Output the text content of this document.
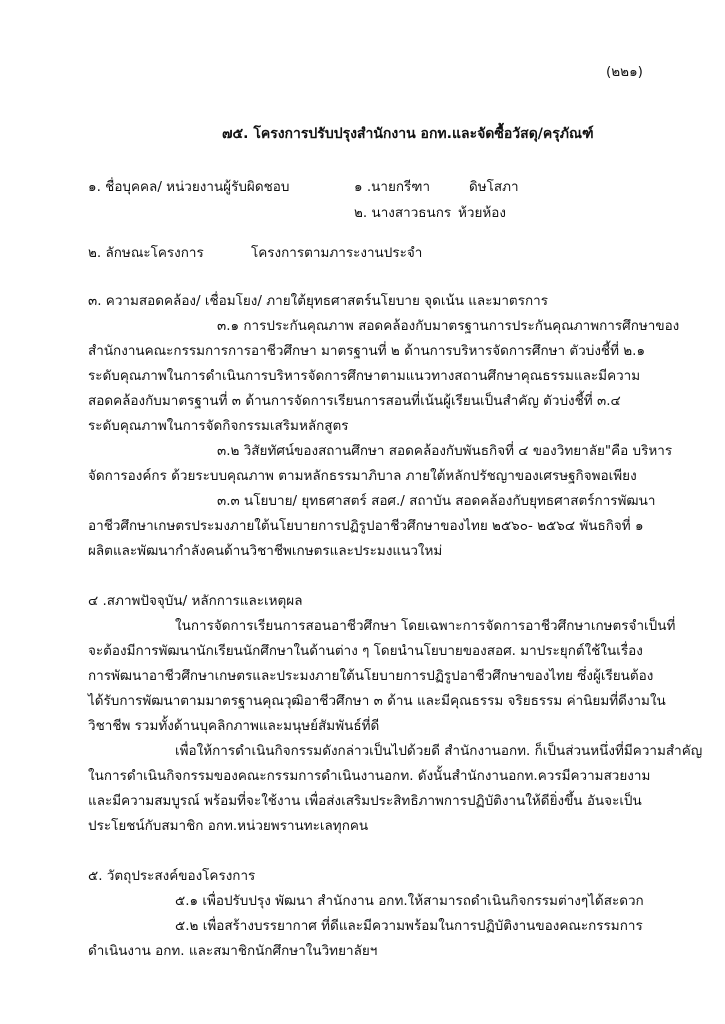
(๒๒๑)
๗๕. โครงการปรับปรุงสำนักงาน อกท.และจัดซื้อวัสดุ/ครุภัณฑ์
๑. ชื่อบุคคล/ หน่วยงานผู้รับผิดชอบ	๑ .นายกรีฑา	ดิษโสภา
๒. นางสาวธนกร ห้วยห้อง
๒. ลักษณะโครงการ	โครงการตามภาระงานประจำ
๓. ความสอดคล้อง/ เชื่อมโยง/ ภายใต้ยุทธศาสตร์นโยบาย จุดเน้น และมาตรการ
๓.๑ การประกันคุณภาพ สอดคล้องกับมาตรฐานการประกันคุณภาพการศึกษาของ
สำนักงานคณะกรรมการการอาชีวศึกษา มาตรฐานที่ ๒ ด้านการบริหารจัดการศึกษา ตัวบ่งชี้ที่ ๒.๑
ระดับคุณภาพในการดำเนินการบริหารจัดการศึกษาตามแนวทางสถานศึกษาคุณธรรมและมีความ
สอดคล้องกับมาตรฐานที่ ๓ ด้านการจัดการเรียนการสอนที่เน้นผู้เรียนเป็นสำคัญ ตัวบ่งชี้ที่ ๓.๔
ระดับคุณภาพในการจัดกิจกรรมเสริมหลักสูตร
๓.๒ วิสัยทัศน์ของสถานศึกษา สอดคล้องกับพันธกิจที่ ๔ ของวิทยาลัย"คือ บริหาร
จัดการองค์กร ด้วยระบบคุณภาพ ตามหลักธรรมาภิบาล ภายใต้หลักปรัชญาของเศรษฐกิจพอเพียง
๓.๓ นโยบาย/ ยุทธศาสตร์ สอศ./ สถาบัน สอดคล้องกับยุทธศาสตร์การพัฒนา
อาชีวศึกษาเกษตรประมงภายใต้นโยบายการปฏิรูปอาชีวศึกษาของไทย ๒๕๖๐- ๒๕๖๔ พันธกิจที่ ๑
ผลิตและพัฒนากำลังคนด้านวิชาชีพเกษตรและประมงแนวใหม่
๔ .สภาพปัจจุบัน/ หลักการและเหตุผล
ในการจัดการเรียนการสอนอาชีวศึกษา โดยเฉพาะการจัดการอาชีวศึกษาเกษตรจำเป็นที่
จะต้องมีการพัฒนานักเรียนนักศึกษาในด้านต่าง ๆ โดยนำนโยบายของสอศ. มาประยุกต์ใช้ในเรื่อง
การพัฒนาอาชีวศึกษาเกษตรและประมงภายใต้นโยบายการปฏิรูปอาชีวศึกษาของไทย ซึ่งผู้เรียนต้อง
ได้รับการพัฒนาตามมาตรฐานคุณวุฒิอาชีวศึกษา ๓ ด้าน และมีคุณธรรม จริยธรรม ค่านิยมที่ดีงามใน
วิชาชีพ รวมทั้งด้านบุคลิกภาพและมนุษย์สัมพันธ์ที่ดี
เพื่อให้การดำเนินกิจกรรมดังกล่าวเป็นไปด้วยดี สำนักงานอกท. ก็เป็นส่วนหนึ่งที่มีความสำคัญ
ในการดำเนินกิจกรรมของคณะกรรมการดำเนินงานอกท. ดังนั้นสำนักงานอกท.ควรมีความสวยงาม
และมีความสมบูรณ์ พร้อมที่จะใช้งาน เพื่อส่งเสริมประสิทธิภาพการปฏิบัติงานให้ดียิ่งขึ้น อันจะเป็น
ประโยชน์กับสมาชิก อกท.หน่วยพรานทะเลทุกคน
๕. วัตถุประสงค์ของโครงการ
๕.๑ เพื่อปรับปรุง พัฒนา สำนักงาน อกท.ให้สามารถดำเนินกิจกรรมต่างๆได้สะดวก
๕.๒ เพื่อสร้างบรรยากาศ ที่ดีและมีความพร้อมในการปฏิบัติงานของคณะกรรมการ
ดำเนินงาน อกท. และสมาชิกนักศึกษาในวิทยาลัยฯ
